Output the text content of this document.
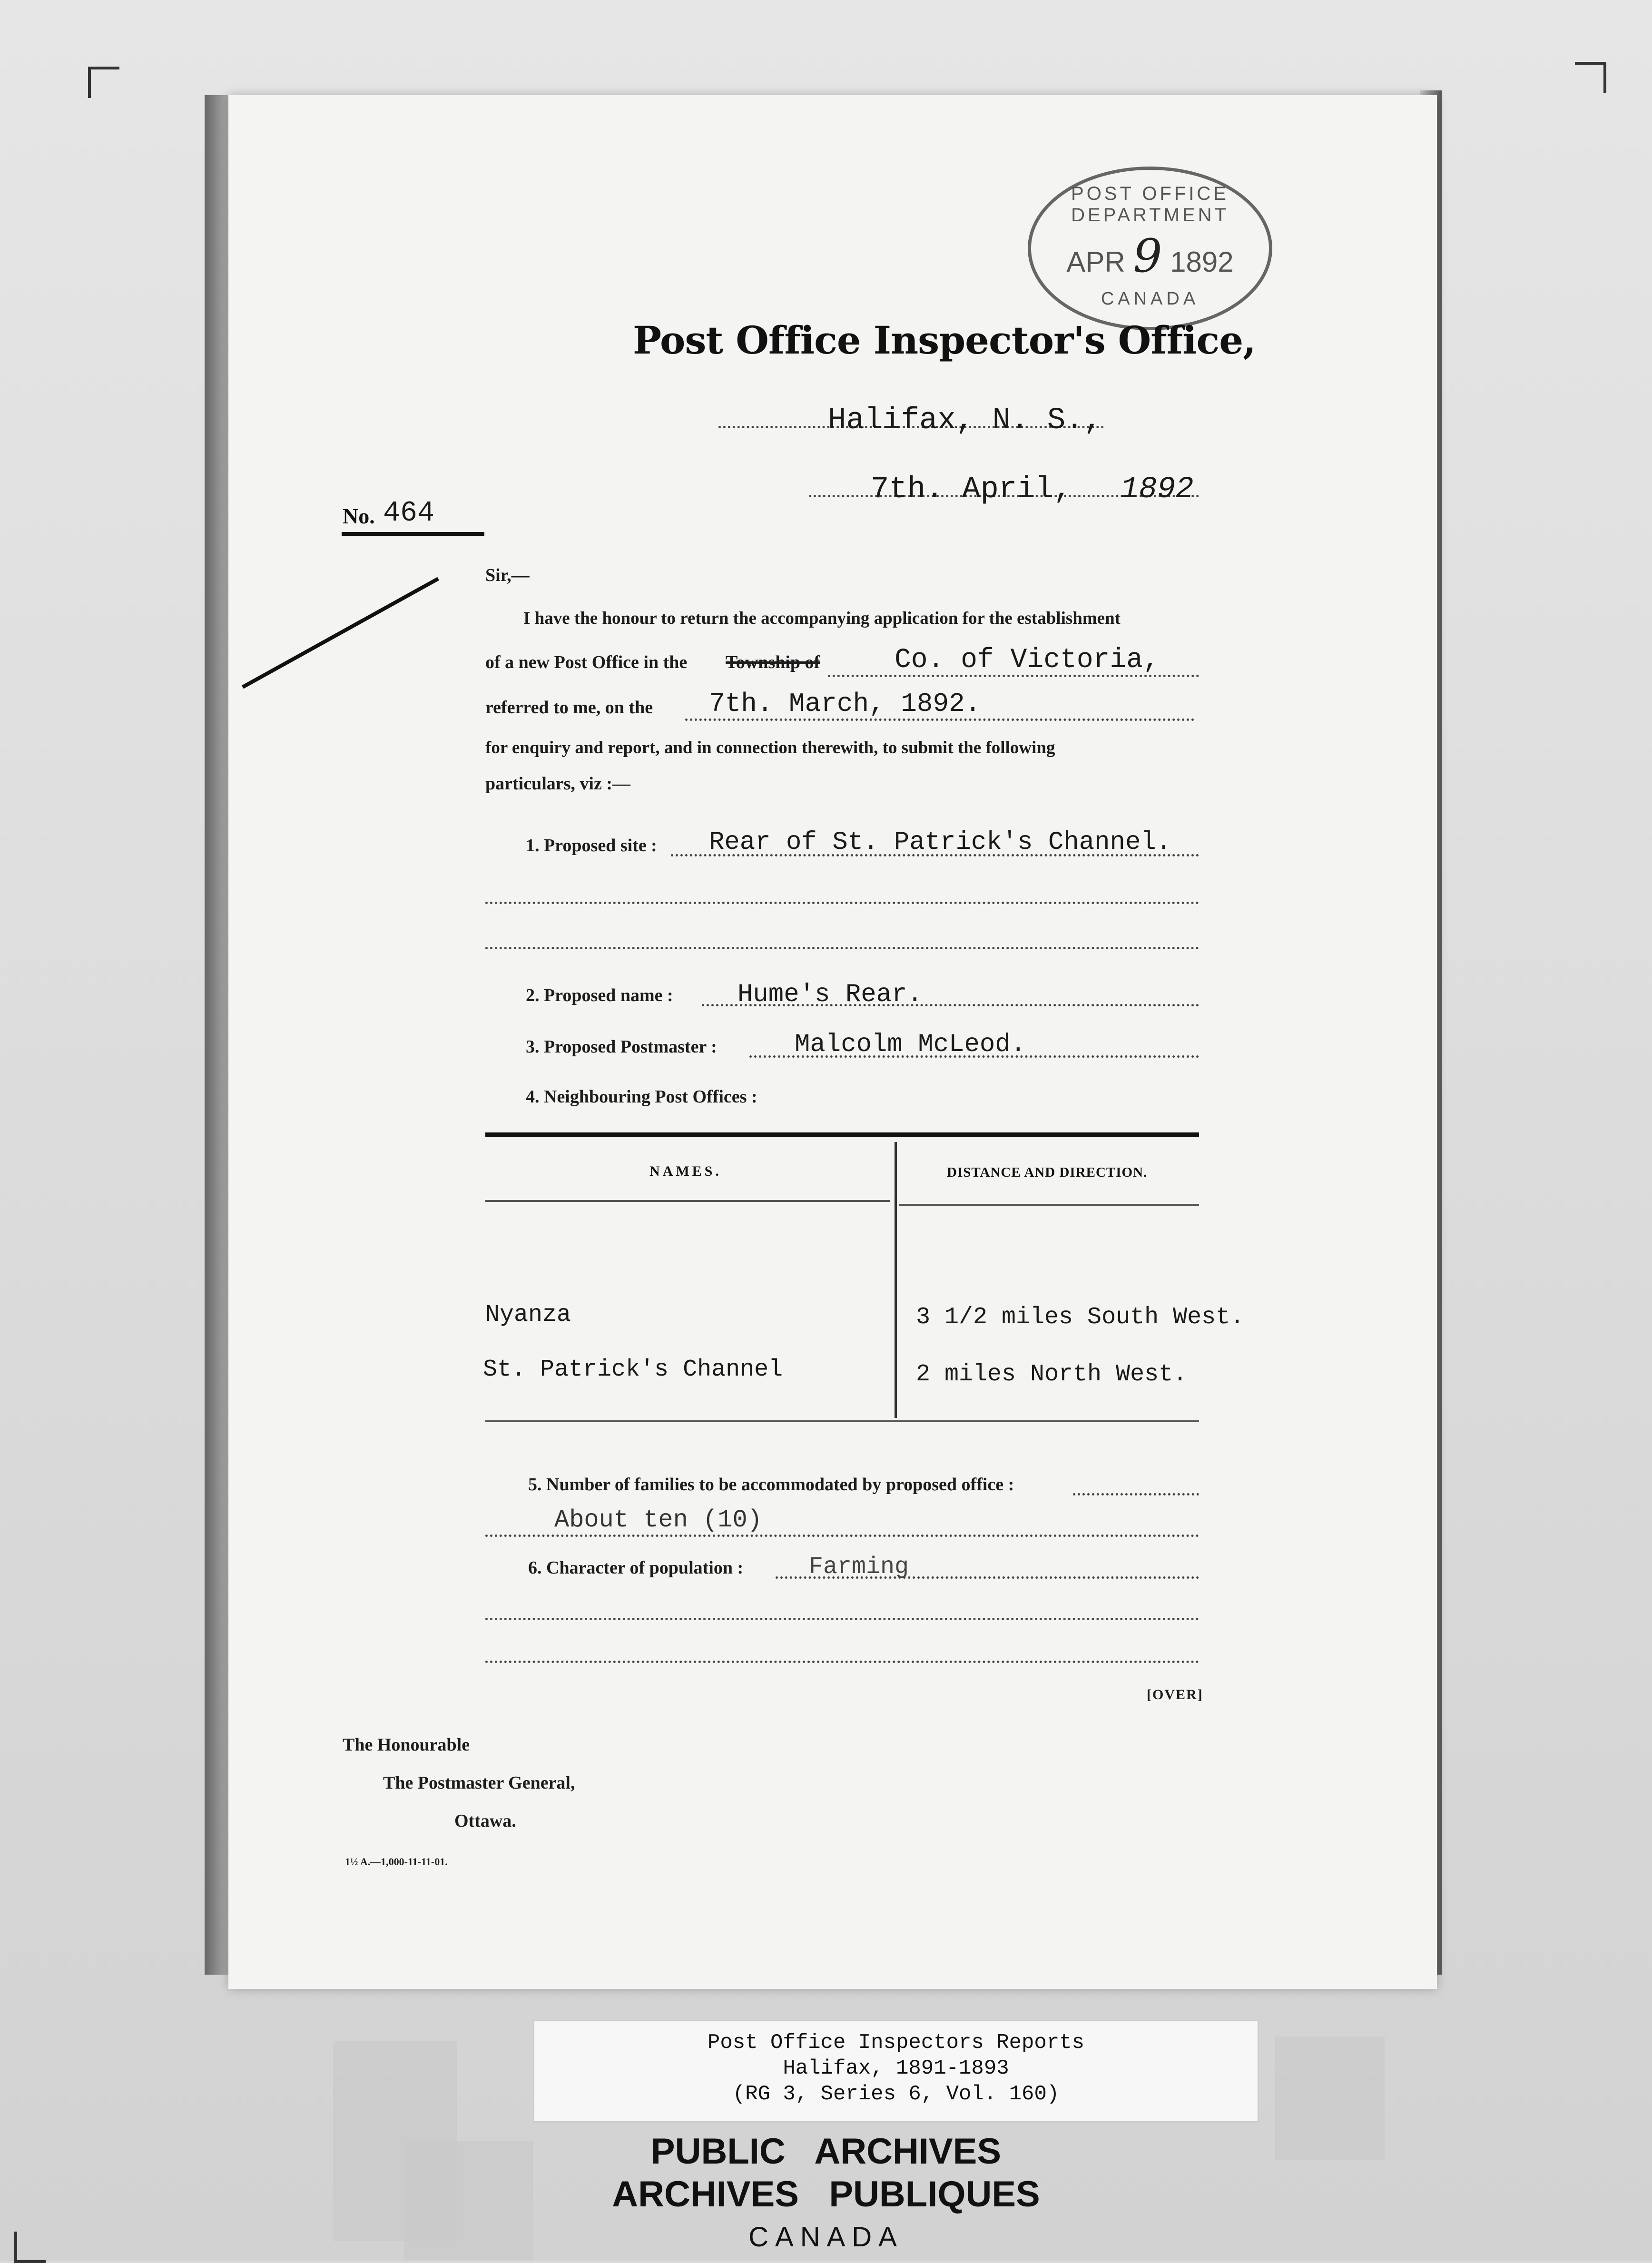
POST OFFICE DEPARTMENT
APR 9 1892
CANADA
Post Office Inspector's Office,
Halifax, N. S.,
7th. April, 1892
No. 464
Sir,—
I have the honour to return the accompanying application for the establishment
of a new Post Office in the Township of	Co. of Victoria,
referred to me, on the 7th. March, 1892.
for enquiry and report, and in connection therewith, to submit the following
particulars, viz :—
1. Proposed site : Rear of St. Patrick's Channel.
2. Proposed name :	Hume's Rear.
3. Proposed Postmaster :	Malcolm McLeod.
4. Neighbouring Post Offices :
NAMES.	DISTANCE AND DIRECTION.
Nyanza	3 1/2 miles South West.
St. Patrick's Channel	2 miles North West.
5. Number of families to be accommodated by proposed office :
About ten (10)
6. Character of population :	Farming
[OVER]
The Honourable
The Postmaster General,
Ottawa.
1½ A.—1,000-11-11-01.
Post Office Inspectors Reports
Halifax, 1891-1893
(RG 3, Series 6, Vol. 160)
PUBLIC   ARCHIVES
ARCHIVES   PUBLIQUES
CANADA
